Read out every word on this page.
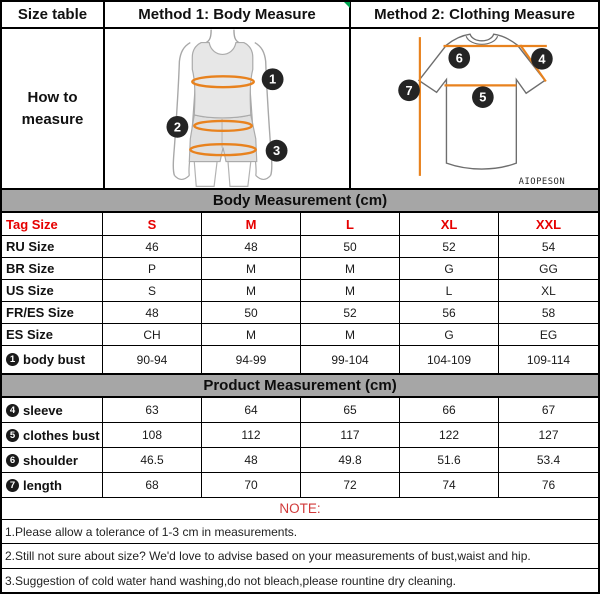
Size table	Method 1: Body Measure	Method 2: Clothing Measure
How to
measure
1
2
3
6	4
5
7
AIOPESON
Body Measurement (cm)
Tag Size	S	M	L	XL	XXL
RU Size	46	48	50	52	54
BR Size	P	M	M	G	GG
US Size	S	M	M	L	XL
FR/ES Size	48	50	52	56	58
ES Size	CH	M	M	G	EG
1 body bust	90-94	94-99	99-104	104-109	109-114
Product Measurement (cm)
4 sleeve	63	64	65	66	67
5 clothes bust	108	112	117	122	127
6 shoulder	46.5	48	49.8	51.6	53.4
7 length	68	70	72	74	76
NOTE:
1.Please allow a tolerance of 1-3 cm in measurements.
2.Still not sure about size? We'd love to advise based on your measurements of bust,waist and hip.
3.Suggestion of cold water hand washing,do not bleach,please rountine dry cleaning.
